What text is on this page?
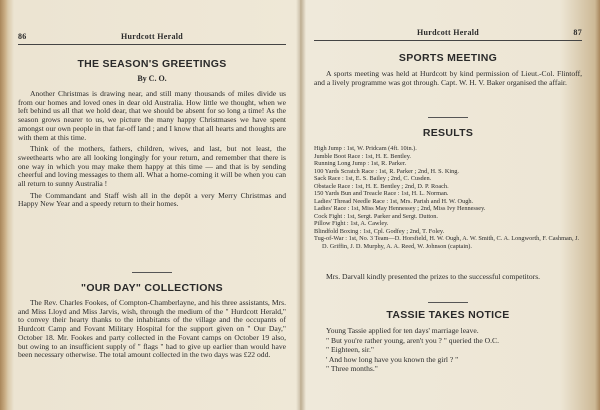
86	Hurdcott Herald
THE SEASON'S GREETINGS
By C. O.

Another Christmas is drawing near, and still many thousands of miles divide us from our homes and loved ones in dear old Australia. How little we thought, when we left behind us all that we hold dear, that we should be absent for so long a time! As the season grows nearer to us, we picture the many happy Christmases we have spent amongst our own people in that far-off land ; and I know that all hearts and thoughts are with them at this time.

Think of the mothers, fathers, children, wives, and last, but not least, the sweethearts who are all looking longingly for your return, and remember that there is one way in which you may make them happy at this time — and that is by sending cheerful and loving messages to them all. What a home-coming it will be when you can all return to sunny Australia !

The Commandant and Staff wish all in the depôt a very Merry Christmas and Happy New Year and a speedy return to their homes.

"OUR DAY" COLLECTIONS

The Rev. Charles Fookes, of Compton-Chamberlayne, and his three assistants, Mrs. and Miss Lloyd and Miss Jarvis, wish, through the medium of the " Hurdcott Herald," to convey their hearty thanks to the inhabitants of the village and the occupants of Hurdcott Camp and Fovant Military Hospital for the support given on " Our Day," October 18. Mr. Fookes and party collected in the Fovant camps on October 19 also, but owing to an insufficient supply of " flags " had to give up earlier than would have been necessary otherwise. The total amount collected in the two days was £22 odd.

Hurdcott Herald	87
SPORTS MEETING

A sports meeting was held at Hurdcott by kind permission of Lieut.-Col. Flintoff, and a lively programme was got through. Capt. W. H. V. Baker organised the affair.

RESULTS
High Jump : 1st, W. Pridcam (4ft. 10in.).
Jumble Boot Race : 1st, H. E. Bentley.
Running Long Jump : 1st, R. Parker.
100 Yards Scratch Race : 1st, R. Parker ; 2nd, H. S. King.
Sack Race : 1st, E. S. Bailey ; 2nd, C. Cusden.
Obstacle Race : 1st, H. E. Bentley ; 2nd, D. P. Roach.
150 Yards Bun and Treacle Race : 1st, H. L. Norman.
Ladies' Thread Needle Race : 1st, Mrs. Parish and H. W. Ough.
Ladies' Race : 1st, Miss May Hennessey ; 2nd, Miss Ivy Hennessey.
Cock Fight : 1st, Sergt. Parker and Sergt. Dutton.
Pillow Fight : 1st, A. Cawley.
Blindfold Boxing : 1st, Cpl. Godfey ; 2nd, T. Foley.
Tug-of-War : 1st, No. 3 Team—D. Horsfield, H. W. Ough, A. W. Smith, C. A. Longworth, F. Cashman, J. D. Griffin, J. D. Murphy, A. A. Reed, W. Johnson (captain).

Mrs. Darvall kindly presented the prizes to the successful competitors.

TASSIE TAKES NOTICE
Young Tassie applied for ten days' marriage leave.
" But you're rather young, aren't you ? " queried the O.C.
" Eighteen, sir."
' And how long have you known the girl ? "
" Three months."
